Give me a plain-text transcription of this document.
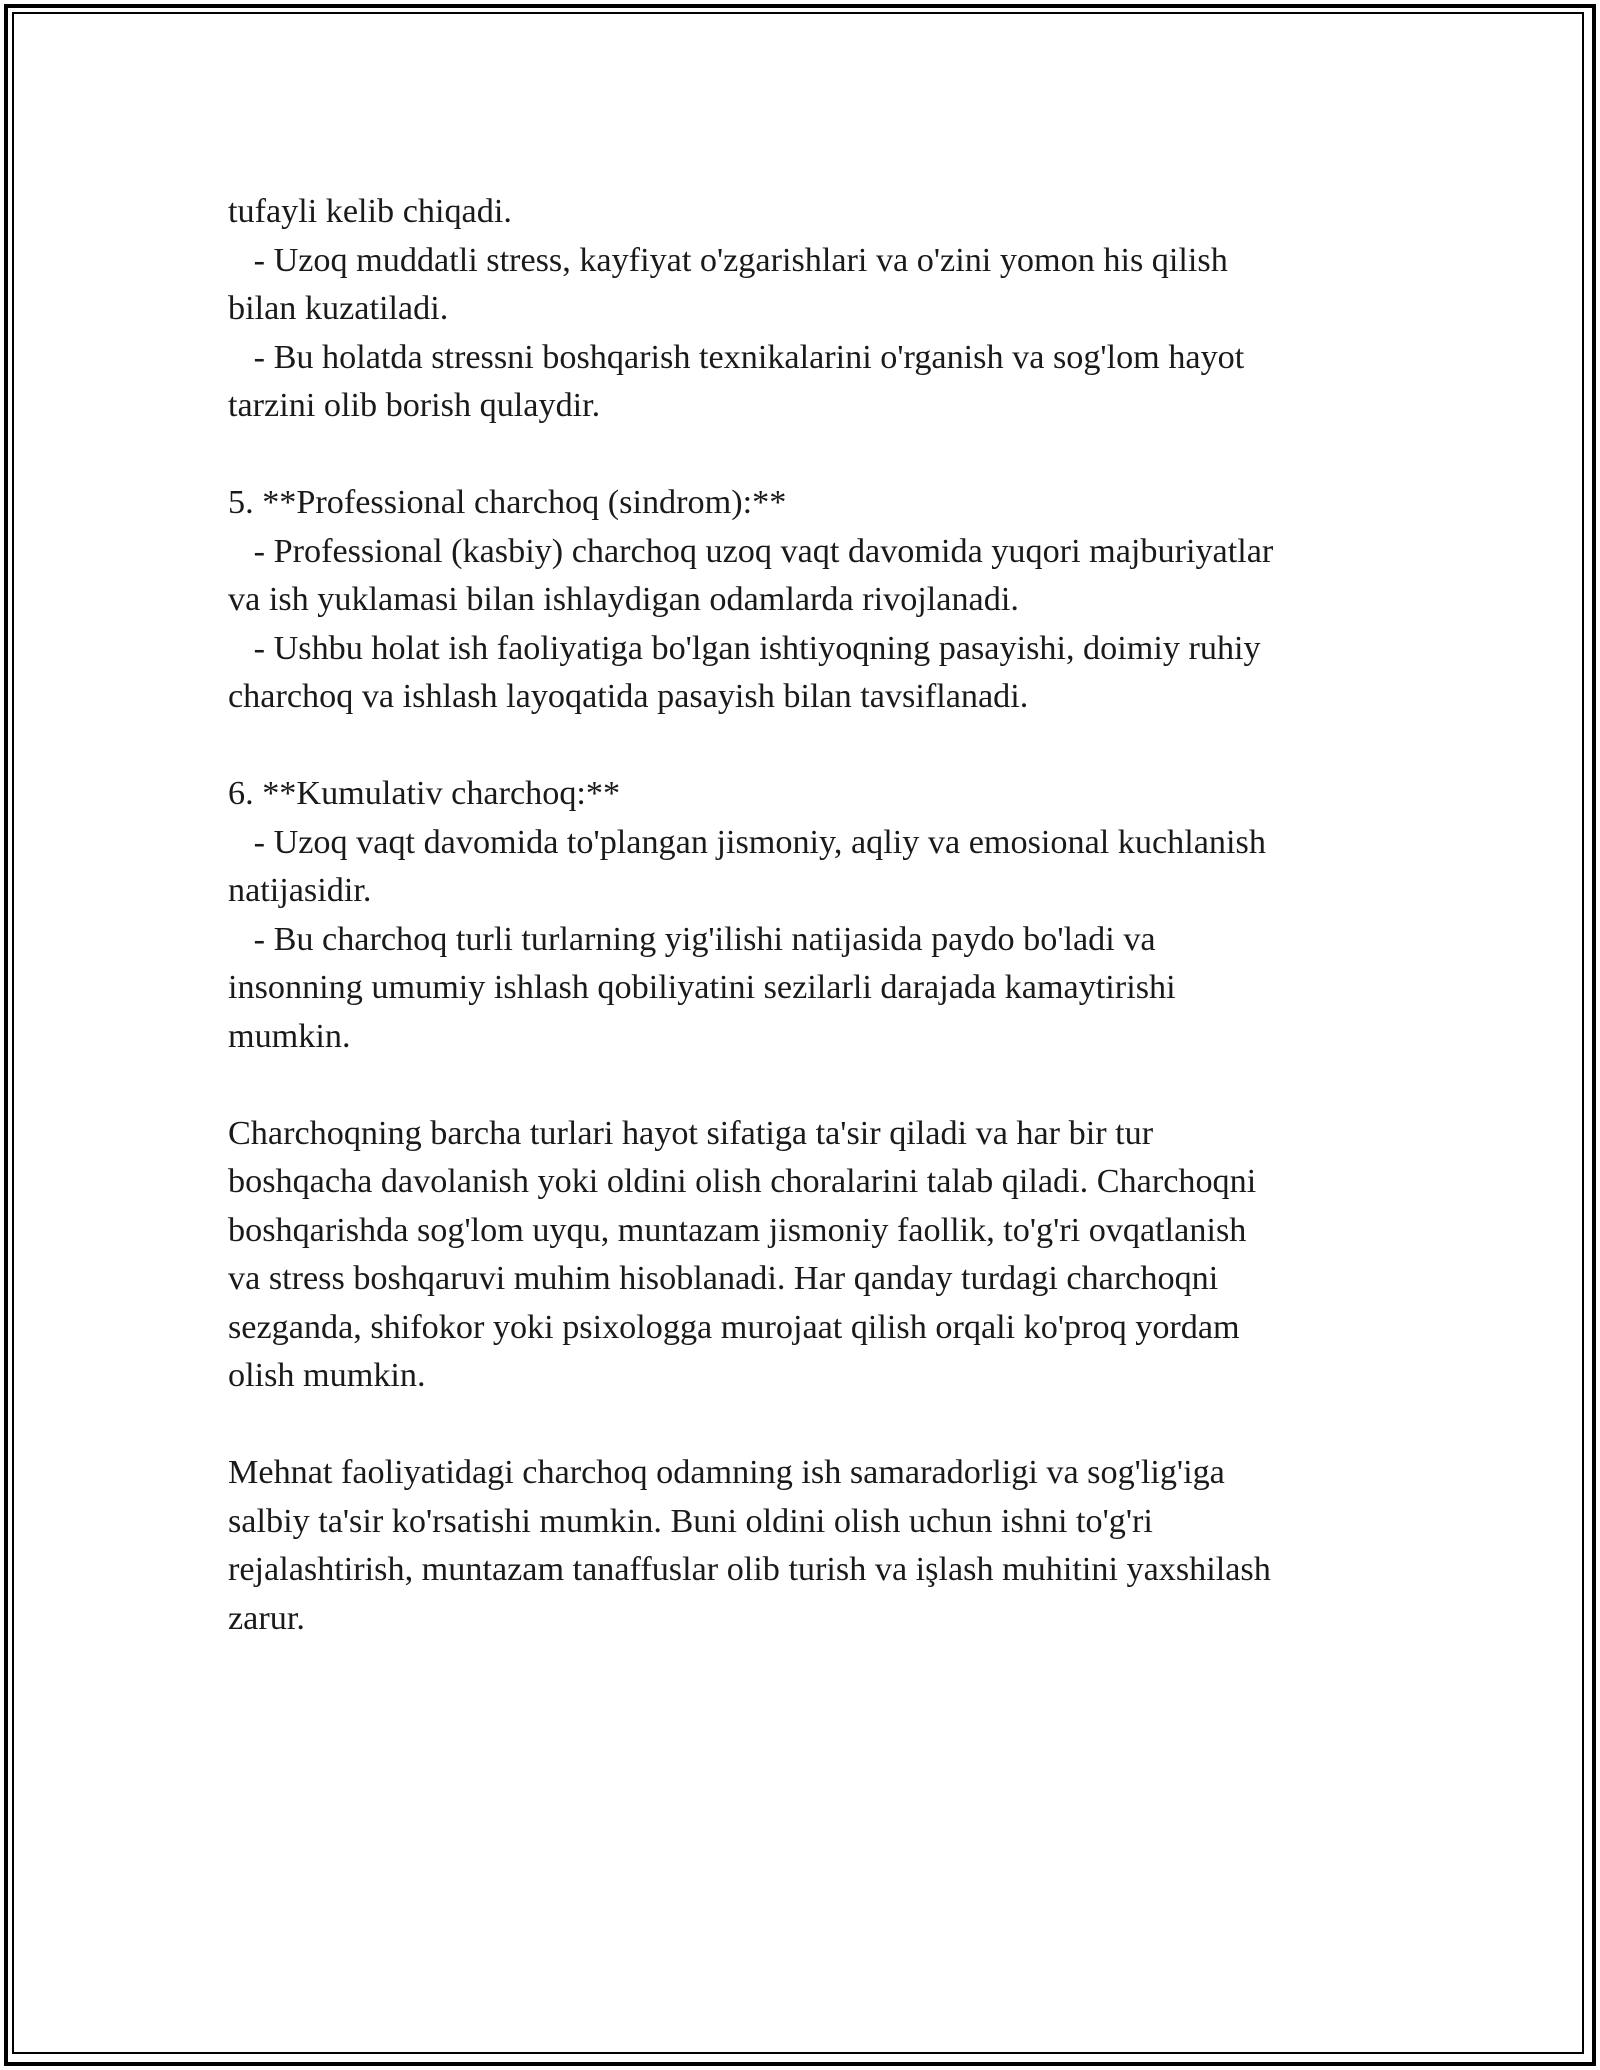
tufayli kelib chiqadi.
- Uzoq muddatli stress, kayfiyat o'zgarishlari va o'zini yomon his qilish
bilan kuzatiladi.
- Bu holatda stressni boshqarish texnikalarini o'rganish va sog'lom hayot
tarzini olib borish qulaydir.
5. **Professional charchoq (sindrom):**
- Professional (kasbiy) charchoq uzoq vaqt davomida yuqori majburiyatlar
va ish yuklamasi bilan ishlaydigan odamlarda rivojlanadi.
- Ushbu holat ish faoliyatiga bo'lgan ishtiyoqning pasayishi, doimiy ruhiy
charchoq va ishlash layoqatida pasayish bilan tavsiflanadi.
6. **Kumulativ charchoq:**
- Uzoq vaqt davomida to'plangan jismoniy, aqliy va emosional kuchlanish
natijasidir.
- Bu charchoq turli turlarning yig'ilishi natijasida paydo bo'ladi va
insonning umumiy ishlash qobiliyatini sezilarli darajada kamaytirishi
mumkin.
Charchoqning barcha turlari hayot sifatiga ta'sir qiladi va har bir tur
boshqacha davolanish yoki oldini olish choralarini talab qiladi. Charchoqni
boshqarishda sog'lom uyqu, muntazam jismoniy faollik, to'g'ri ovqatlanish
va stress boshqaruvi muhim hisoblanadi. Har qanday turdagi charchoqni
sezganda, shifokor yoki psixologga murojaat qilish orqali ko'proq yordam
olish mumkin.
Mehnat faoliyatidagi charchoq odamning ish samaradorligi va sog'lig'iga
salbiy ta'sir ko'rsatishi mumkin. Buni oldini olish uchun ishni to'g'ri
rejalashtirish, muntazam tanaffuslar olib turish va işlash muhitini yaxshilash
zarur.
